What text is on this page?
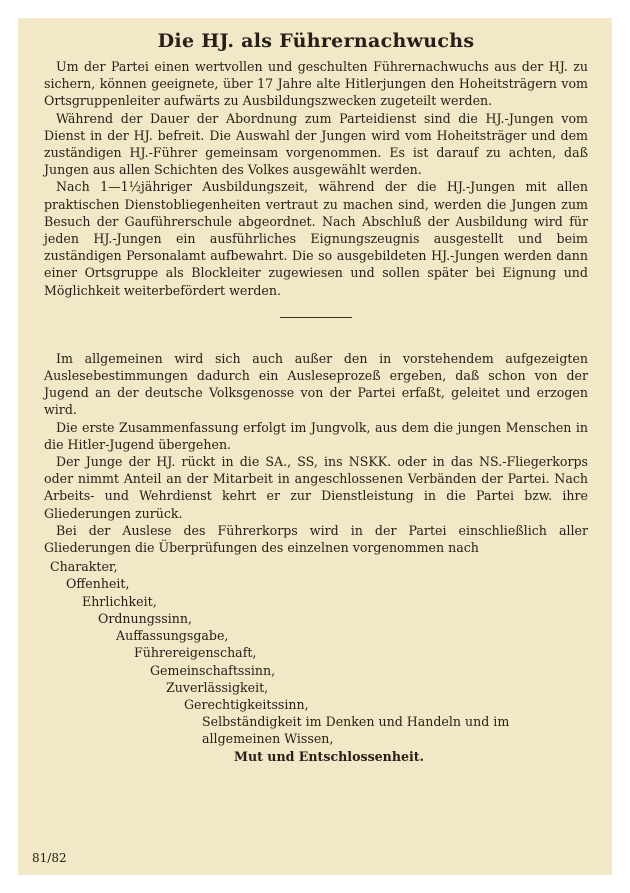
Die HJ. als Führernachwuchs

Um der Partei einen wertvollen und geschulten Führernachwuchs aus der HJ. zu sichern, können geeignete, über 17 Jahre alte Hitlerjungen den Hoheitsträgern vom Ortsgruppenleiter aufwärts zu Ausbildungszwecken zugeteilt werden.

Während der Dauer der Abordnung zum Parteidienst sind die HJ.-Jungen vom Dienst in der HJ. befreit. Die Auswahl der Jungen wird vom Hoheitsträger und dem zuständigen HJ.-Führer gemeinsam vorgenommen. Es ist darauf zu achten, daß Jungen aus allen Schichten des Volkes ausgewählt werden.

Nach 1—1½jähriger Ausbildungszeit, während der die HJ.-Jungen mit allen praktischen Dienstobliegenheiten vertraut zu machen sind, werden die Jungen zum Besuch der Gauführerschule abgeordnet. Nach Abschluß der Ausbildung wird für jeden HJ.-Jungen ein ausführliches Eignungszeugnis ausgestellt und beim zuständigen Personalamt aufbewahrt. Die so ausgebildeten HJ.-Jungen werden dann einer Ortsgruppe als Blockleiter zugewiesen und sollen später bei Eignung und Möglichkeit weiterbefördert werden.

Im allgemeinen wird sich auch außer den in vorstehendem aufgezeigten Auslesebestimmungen dadurch ein Ausleseprozeß ergeben, daß schon von der Jugend an der deutsche Volksgenosse von der Partei erfaßt, geleitet und erzogen wird.

Die erste Zusammenfassung erfolgt im Jungvolk, aus dem die jungen Menschen in die Hitler-Jugend übergehen.

Der Junge der HJ. rückt in die SA., SS, ins NSKK. oder in das NS.-Fliegerkorps oder nimmt Anteil an der Mitarbeit in angeschlossenen Verbänden der Partei. Nach Arbeits- und Wehrdienst kehrt er zur Dienstleistung in die Partei bzw. ihre Gliederungen zurück.

Bei der Auslese des Führerkorps wird in der Partei einschließlich aller Gliederungen die Überprüfungen des einzelnen vorgenommen nach

Charakter,
Offenheit,
Ehrlichkeit,
Ordnungssinn,
Auffassungsgabe,
Führereigenschaft,
Gemeinschaftssinn,
Zuverlässigkeit,
Gerechtigkeitssinn,
Selbständigkeit im Denken und Handeln und im allgemeinen Wissen,
Mut und Entschlossenheit.
81/82
